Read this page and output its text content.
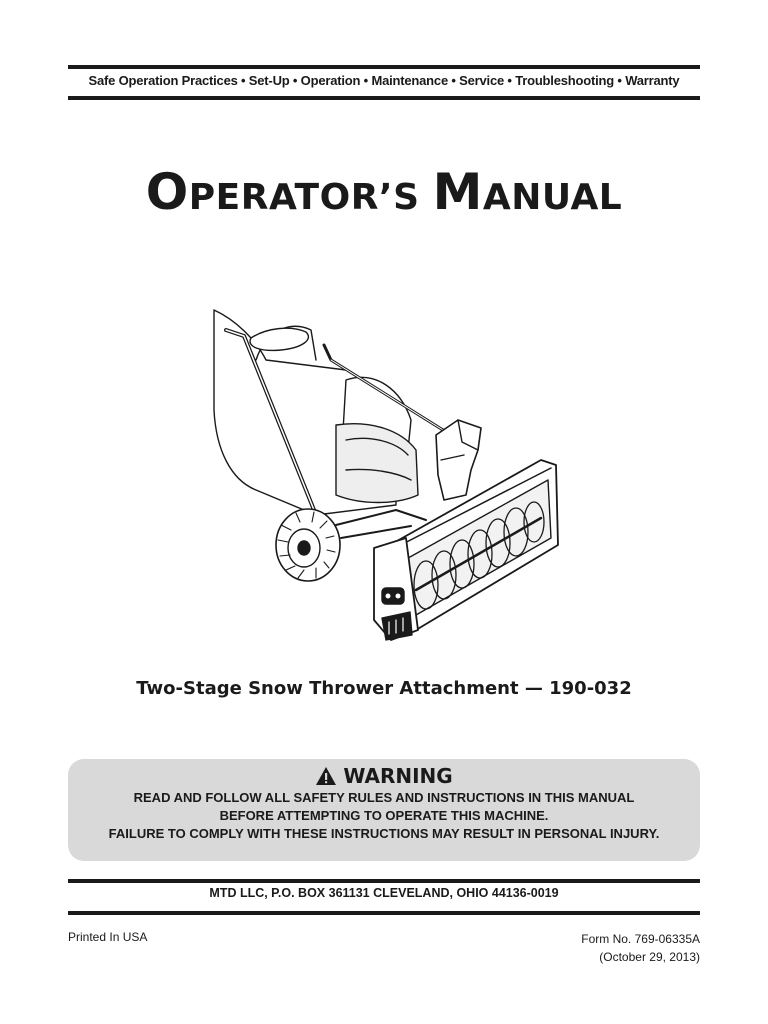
Safe Operation Practices • Set-Up • Operation • Maintenance • Service • Troubleshooting • Warranty
OPERATOR’S MANUAL
Two-Stage Snow Thrower Attachment — 190-032
WARNING
READ AND FOLLOW ALL SAFETY RULES AND INSTRUCTIONS IN THIS MANUAL
BEFORE ATTEMPTING TO OPERATE THIS MACHINE.
FAILURE TO COMPLY WITH THESE INSTRUCTIONS MAY RESULT IN PERSONAL INJURY.
MTD LLC, P.O. BOX 361131 CLEVELAND, OHIO 44136-0019
Printed In USA	Form No. 769-06335A
(October 29, 2013)
